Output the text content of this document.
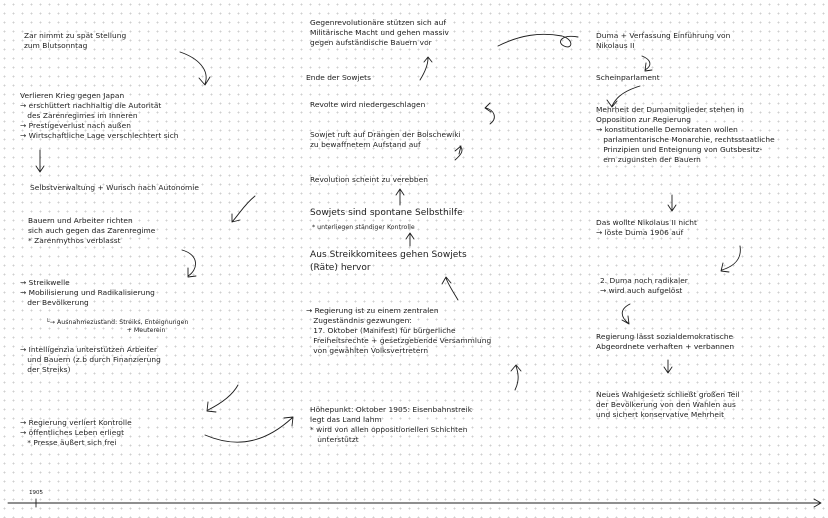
Zar nimmt zu spät Stellung
zum Blutsonntag
Verlieren Krieg gegen Japan
→ erschüttert nachhaltig die Autorität
des Zarenregimes im Inneren
→ Prestigeverlust nach außen
→ Wirtschaftliche Lage verschlechtert sich
Selbstverwaltung + Wunsch nach Autonomie
Bauern und Arbeiter richten
sich auch gegen das Zarenregime
* Zarenmythos verblasst
→ Streikwelle
→ Mobilisierung und Radikalisierung
der Bevölkerung
└→ Ausnahmezustand: Streiks, Enteignungen
+ Meuterein
→ Intelligenzia unterstützen Arbeiter
und Bauern (z.b durch Finanzierung
der Streiks)
→ Regierung verliert Kontrolle
→ öffentliches Leben erliegt
* Presse äußert sich frei
Gegenrevolutionäre stützen sich auf
Militärische Macht und gehen massiv
gegen aufständische Bauern vor
Ende der Sowjets
Revolte wird niedergeschlagen
Sowjet ruft auf Drängen der Bolschewiki
zu bewaffnetem Aufstand auf
Revolution scheint zu verebben
Sowjets sind spontane Selbsthilfe
* unterliegen ständiger Kontrolle
Aus Streikkomitees gehen Sowjets
(Räte) hervor
→ Regierung ist zu einem zentralen
Zugeständnis gezwungen:
17. Oktober (Manifest) für bürgerliche
Freiheitsrechte + gesetzgebende Versammlung
von gewählten Volksvertretern
Höhepunkt: Oktober 1905: Eisenbahnstreik
legt das Land lahm
* wird von allen oppositionellen Schichten
unterstützt
Duma + Verfassung Einführung von
Nikolaus II
Scheinparlament
Mehrheit der Dumamitglieder stehen in
Opposition zur Regierung
→ konstitutionelle Demokraten wollen
parlamentarische Monarchie, rechtsstaatliche
Prinzipien und Enteignung von Gutsbesitz-
ern zugunsten der Bauern
Das wollte Nikolaus II nicht
→ löste Duma 1906 auf
2. Duma noch radikaler
→ wird auch aufgelöst
Regierung lässt sozialdemokratische
Abgeordnete verhaften + verbannen
Neues Wahlgesetz schließt großen Teil
der Bevölkerung von den Wahlen aus
und sichert konservative Mehrheit
1905
